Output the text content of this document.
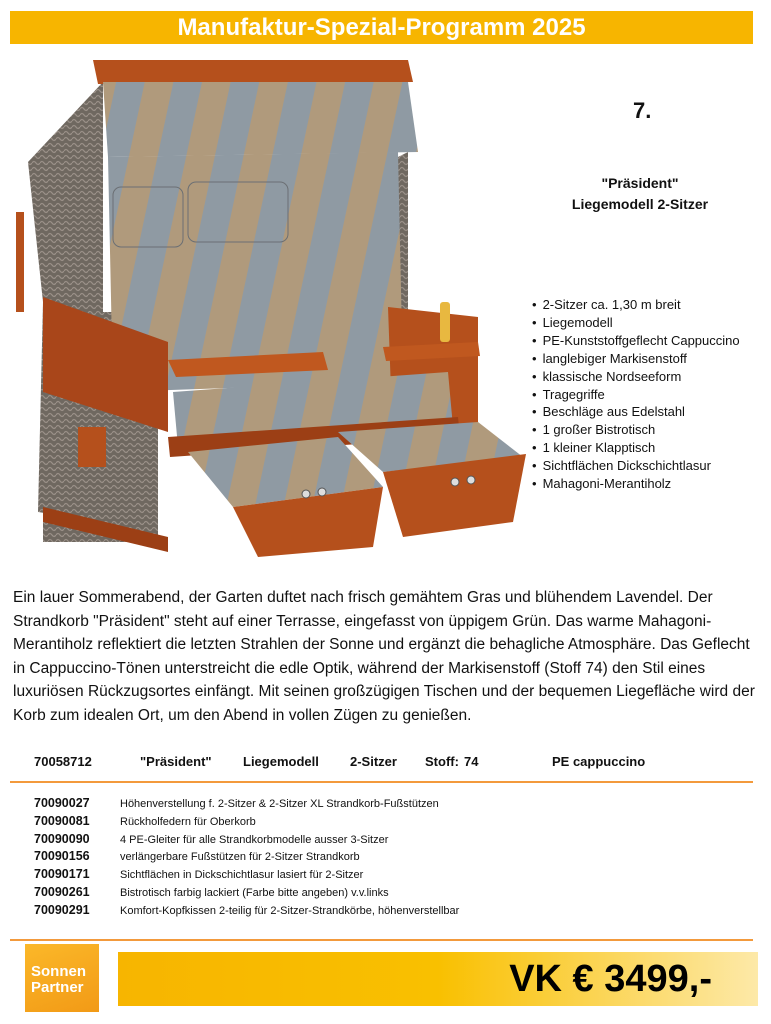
Manufaktur-Spezial-Programm 2025
7.
"Präsident"
Liegemodell 2-Sitzer
• 2-Sitzer ca. 1,30 m breit
• Liegemodell
• PE-Kunststoffgeflecht Cappuccino
• langlebiger Markisenstoff
• klassische Nordseeform
• Tragegriffe
• Beschläge aus Edelstahl
• 1 großer Bistrotisch
• 1 kleiner Klapptisch
• Sichtflächen Dickschichtlasur
• Mahagoni-Merantiholz

Ein lauer Sommerabend, der Garten duftet nach frisch gemähtem Gras und blühendem Lavendel. Der Strandkorb "Präsident" steht auf einer Terrasse, eingefasst von üppigem Grün. Das warme Mahagoni-Merantiholz reflektiert die letzten Strahlen der Sonne und ergänzt die behagliche Atmosphäre. Das Geflecht in Cappuccino-Tönen unterstreicht die edle Optik, während der Markisenstoff (Stoff 74) den Stil eines luxuriösen Rückzugsortes einfängt. Mit seinen großzügigen Tischen und der bequemen Liegefläche wird der Korb zum idealen Ort, um den Abend in vollen Zügen zu genießen.

70058712	"Präsident" Liegemodell 2-Sitzer Stoff: 74	PE cappuccino
70090027	Höhenverstellung f. 2-Sitzer & 2-Sitzer XL Strandkorb-Fußstützen
70090081	Rückholfedern für Oberkorb
70090090	4 PE-Gleiter für alle Strandkorbmodelle ausser 3-Sitzer
70090156	verlängerbare Fußstützen für 2-Sitzer Strandkorb
70090171	Sichtflächen in Dickschichtlasur lasiert für 2-Sitzer
70090261	Bistrotisch farbig lackiert (Farbe bitte angeben) v.v.links
70090291	Komfort-Kopfkissen 2-teilig für 2-Sitzer-Strandkörbe, höhenverstellbar
Sonnen
Partner	VK € 3499,-
